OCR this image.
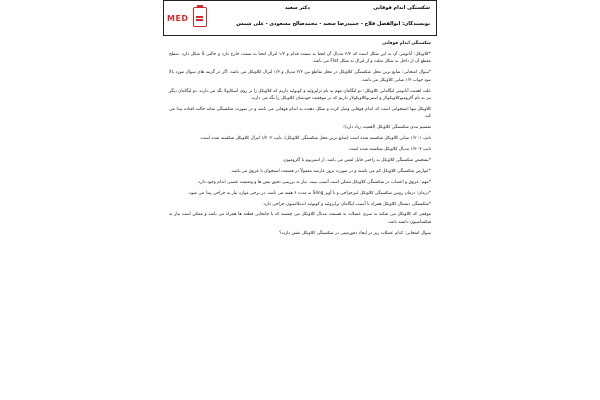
MED
شکستگی اندام فوقانی
دکتر سعید
نویسندگان: ابوالفضل فلاح - حمیدرضا سعید - محمدصالح مسعودی - علی شمس

شکستگی اندام فوقانی

*کلاویکل: آناتومی آن به این شکل است که ۲/۳ مدیال آن انحنا به سمت قدام و ۱/۳ لترال انحنا به سمت خارج دارد و حالتی S شکل دارد. سطح مقطع آن از داخل به شکل مثلث و از لترال به شکل Flat می باشد.

*سوال امتحانی: شایع ترین محل شکستگی کلاویکل در محل تقاطع بین ۲/۳ مدیال و ۱/۳ لترال کلاویکل می باشد. اگر در گزینه های سوال مورد بالا نبود جواب ۱/۳ میانی کلاویکل می باشد.

علت اهمیت آناتومی لیگامانی کلاویکل: دو لیگامان مهم به نام تراپزوئید و کونوئید داریم که کلاویکل را بر روی اسکاپولا نگه می دارند. دو لیگامان دیگر نیز به نام آکرومیوکلاویکولار و استرنوکلاویکولار داریم که در موقعیت خودشان کلاویکل را نگه می دارند.

کلاویکل تنها استخوانی است که اندام فوقانی وصل کرده و شکل دهنده به اندام فوقانی می باشد و در صورت شکستگی شانه حالت افتاده پیدا می کند.

تقسیم بندی شکستگی کلاویکل (اهمیت زیاد دارد):

تایپ ۱: ۱/۳ میانی کلاویکل شکسته شده است (شایع ترین محل شکستگی کلاویکل). تایپ ۲: ۱/۳ لترال کلاویکل شکسته شده است.

تایپ ۳: ۱/۳ مدیال کلاویکل شکسته شده است.

*تشخیص شکستگی کلاویکل به راحتی قابل لمس می باشد. از استرنوم تا آکرومیون.

*عوارض شکستگی کلاویکل کم می باشند و در صورت بروز عارضه معمولاً در قسمت استخوان یا عروق می باشد.

*مهم: عروق و اعصاب در شکستگی کلاویکل ممکن است آسیب ببیند. نیاز به بررسی دقیق نبض ها و وضعیت عصبی اندام وجود دارد.

*درمان: درمان روتین شکستگی کلاویکل غیرجراحی و با آویز Sling به مدت ۶ هفته می باشد. در برخی موارد نیاز به جراحی پیدا می شود.

*شکستگی دیستال کلاویکل همراه با آسیب لیگامان تراپزوئید و کونوئید اندیکاسیون جراحی دارد.

موقعی که کلاویکل می شکند به سری عضلات به قسمت مدیال کلاویکل می چسبند که با جابجایی قطعه ها همراه می باشد و ممکن است نیاز به فیکساسیون داشته باشد.

سوال امتحانی: کدام عضلات زیر در ایجاد دفورمیتی در شکستگی کلاویکل نقش دارند؟
